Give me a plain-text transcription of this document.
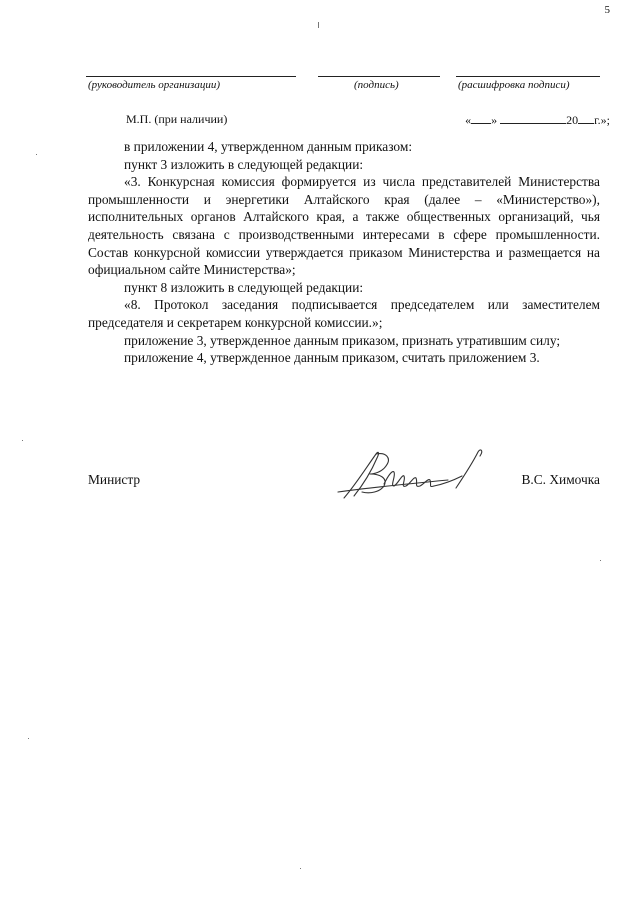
5
(руководитель организации)	(подпись)	(расшифровка подписи)
М.П. (при наличии)	« »	20 г.»;

в приложении 4, утвержденном данным приказом:

пункт 3 изложить в следующей редакции:

«3. Конкурсная комиссия формируется из числа представителей Министерства промышленности и энергетики Алтайского края (далее – «Министерство»), исполнительных органов Алтайского края, а также общественных организаций, чья деятельность связана с производственными интересами в сфере промышленности. Состав конкурсной комиссии утверждается приказом Министерства и размещается на официальном сайте Министерства»;

пункт 8 изложить в следующей редакции:

«8. Протокол заседания подписывается председателем или заместителем председателя и секретарем конкурсной комиссии.»;

приложение 3, утвержденное данным приказом, признать утратившим силу;

приложение 4, утвержденное данным приказом, считать приложением 3.

Министр	В.С. Химочка
